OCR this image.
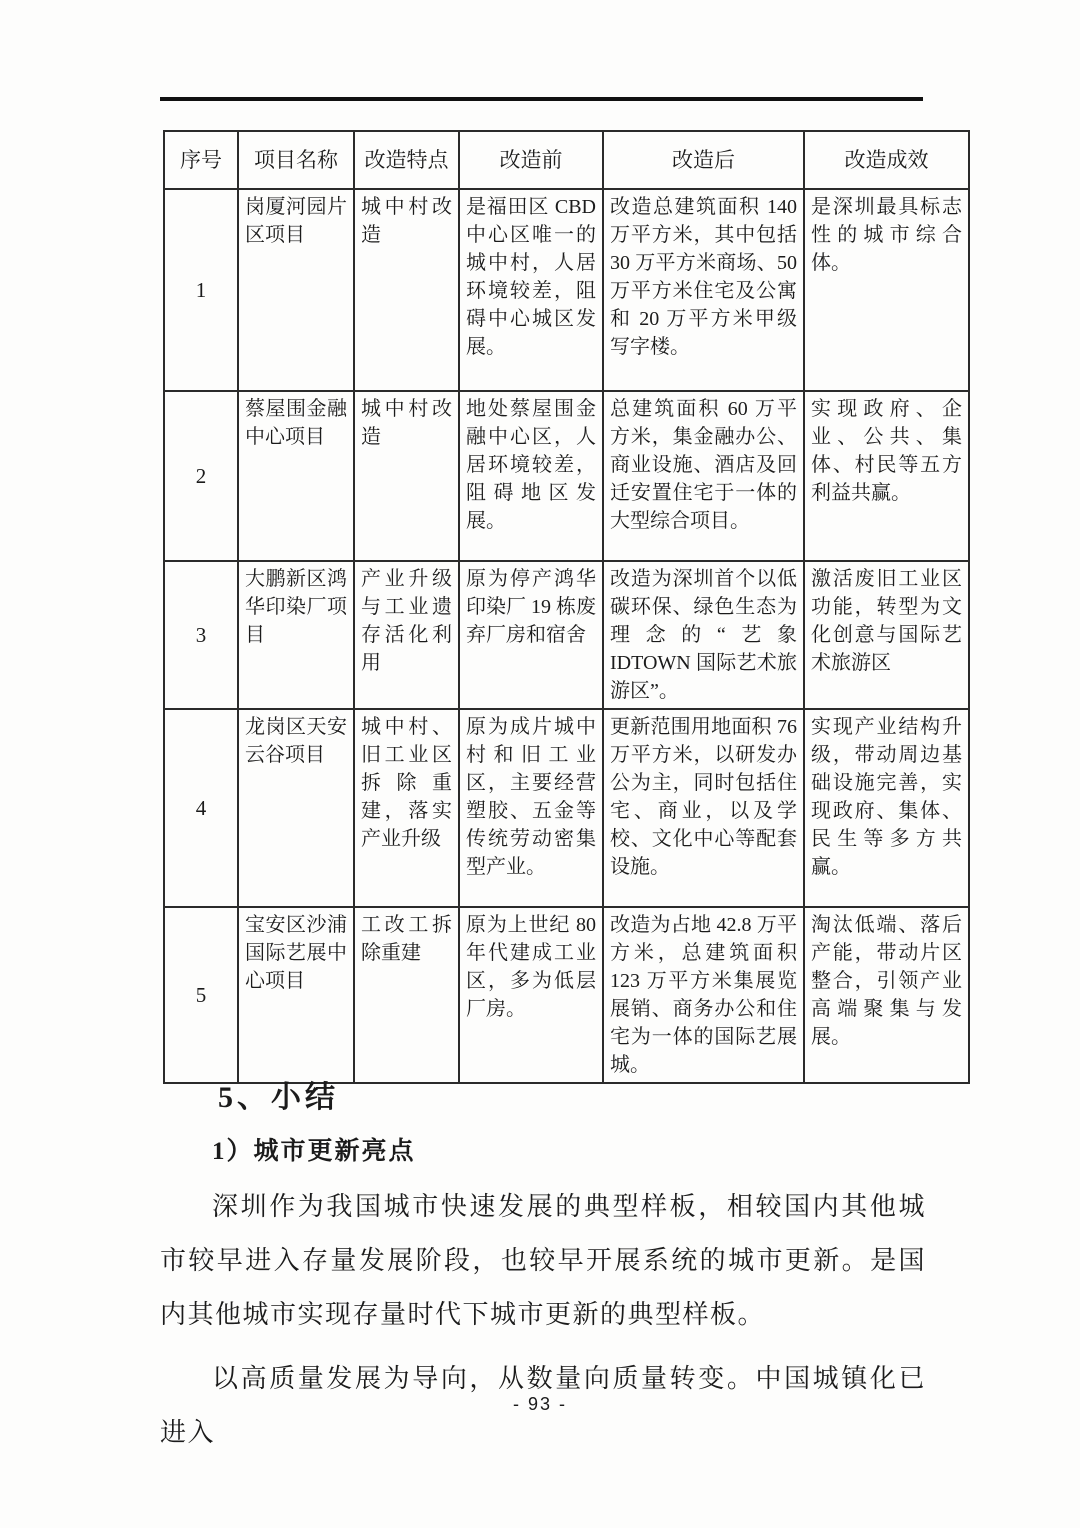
序号	项目名称	改造特点	改造前	改造后	改造成效
1	岗厦河园片区项目	城中村改造	是福田区 CBD 中心区唯一的城中村，人居环境较差，阻碍中心城区发展。	改造总建筑面积 140 万平方米，其中包括 30 万平方米商场、50 万平方米住宅及公寓和 20 万平方米甲级写字楼。	是深圳最具标志性的城市综合体。
2	蔡屋围金融中心项目	城中村改造	地处蔡屋围金融中心区，人居环境较差，阻碍地区发展。	总建筑面积 60 万平方米，集金融办公、商业设施、酒店及回迁安置住宅于一体的大型综合项目。	实现政府、企业、公共、集体、村民等五方利益共赢。
3	大鹏新区鸿华印染厂项目	产业升级与工业遗存活化利用	原为停产鸿华印染厂 19 栋废弃厂房和宿舍	改造为深圳首个以低碳环保、绿色生态为理念的“艺象 IDTOWN 国际艺术旅游区”。	激活废旧工业区功能，转型为文化创意与国际艺术旅游区
4	龙岗区天安云谷项目	城中村、旧工业区拆除重建，落实产业升级	原为成片城中村和旧工业区，主要经营塑胶、五金等传统劳动密集型产业。	更新范围用地面积 76 万平方米，以研发办公为主，同时包括住宅、商业，以及学校、文化中心等配套设施。	实现产业结构升级，带动周边基础设施完善，实现政府、集体、民生等多方共赢。
5	宝安区沙浦国际艺展中心项目	工改工拆除重建	原为上世纪 80 年代建成工业区，多为低层厂房。	改造为占地 42.8 万平方米，总建筑面积 123 万平方米集展览展销、商务办公和住宅为一体的国际艺展城。	淘汰低端、落后产能，带动片区整合，引领产业高端聚集与发展。
5、小结
1）城市更新亮点

深圳作为我国城市快速发展的典型样板，相较国内其他城市较早进入存量发展阶段，也较早开展系统的城市更新。是国内其他城市实现存量时代下城市更新的典型样板。

以高质量发展为导向，从数量向质量转变。中国城镇化已进入

- 93 -
